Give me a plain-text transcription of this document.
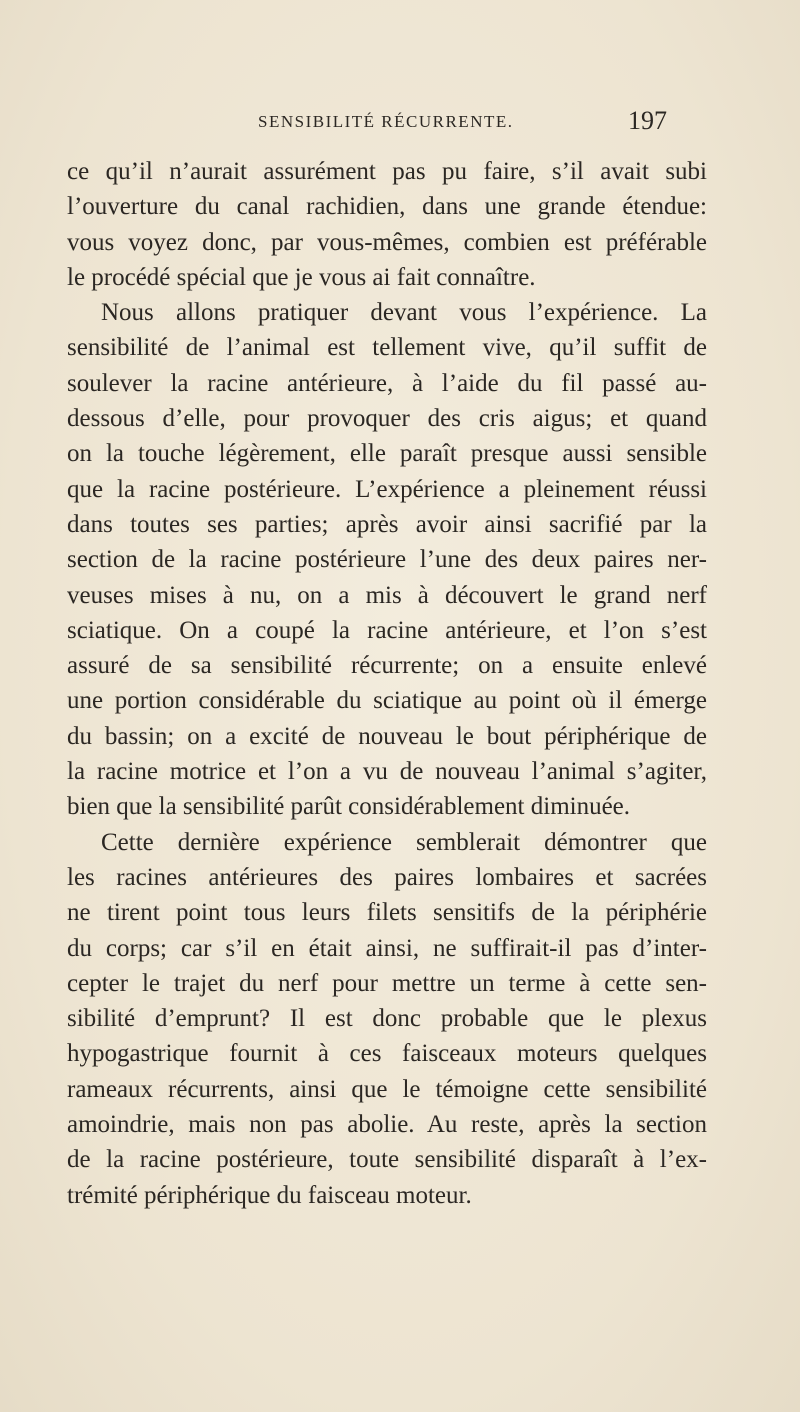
SENSIBILITÉ RÉCURRENTE.	197
ce qu’il n’aurait assurément pas pu faire, s’il avait subi
l’ouverture du canal rachidien, dans une grande étendue:
vous voyez donc, par vous-mêmes, combien est préférable
le procédé spécial que je vous ai fait connaître.
Nous allons pratiquer devant vous l’expérience. La
sensibilité de l’animal est tellement vive, qu’il suffit de
soulever la racine antérieure, à l’aide du fil passé au-
dessous d’elle, pour provoquer des cris aigus; et quand
on la touche légèrement, elle paraît presque aussi sensible
que la racine postérieure. L’expérience a pleinement réussi
dans toutes ses parties; après avoir ainsi sacrifié par la
section de la racine postérieure l’une des deux paires ner-
veuses mises à nu, on a mis à découvert le grand nerf
sciatique. On a coupé la racine antérieure, et l’on s’est
assuré de sa sensibilité récurrente; on a ensuite enlevé
une portion considérable du sciatique au point où il émerge
du bassin; on a excité de nouveau le bout périphérique de
la racine motrice et l’on a vu de nouveau l’animal s’agiter,
bien que la sensibilité parût considérablement diminuée.
Cette dernière expérience semblerait démontrer que
les racines antérieures des paires lombaires et sacrées
ne tirent point tous leurs filets sensitifs de la périphérie
du corps; car s’il en était ainsi, ne suffirait-il pas d’inter-
cepter le trajet du nerf pour mettre un terme à cette sen-
sibilité d’emprunt? Il est donc probable que le plexus
hypogastrique fournit à ces faisceaux moteurs quelques
rameaux récurrents, ainsi que le témoigne cette sensibilité
amoindrie, mais non pas abolie. Au reste, après la section
de la racine postérieure, toute sensibilité disparaît à l’ex-
trémité périphérique du faisceau moteur.
